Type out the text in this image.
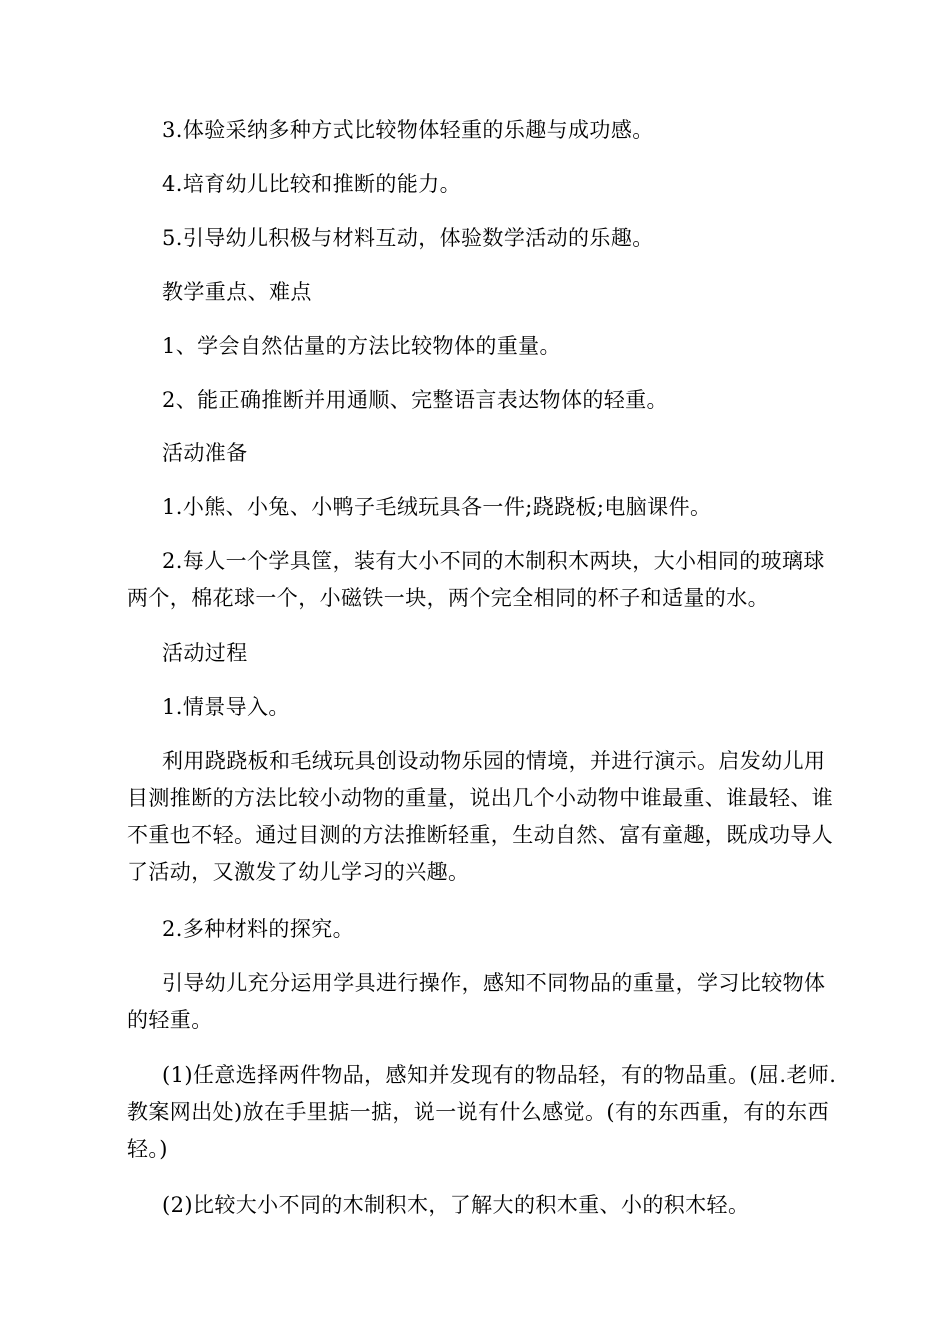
3.体验采纳多种方式比较物体轻重的乐趣与成功感。

4.培育幼儿比较和推断的能力。

5.引导幼儿积极与材料互动，体验数学活动的乐趣。

教学重点、难点

1、学会自然估量的方法比较物体的重量。

2、能正确推断并用通顺、完整语言表达物体的轻重。

活动准备

1.小熊、小兔、小鸭子毛绒玩具各一件;跷跷板;电脑课件。

2.每人一个学具筐，装有大小不同的木制积木两块，大小相同的玻璃球两个，棉花球一个，小磁铁一块，两个完全相同的杯子和适量的水。

活动过程

1.情景导入。

利用跷跷板和毛绒玩具创设动物乐园的情境，并进行演示。启发幼儿用目测推断的方法比较小动物的重量，说出几个小动物中谁最重、谁最轻、谁不重也不轻。通过目测的方法推断轻重，生动自然、富有童趣，既成功导人了活动，又激发了幼儿学习的兴趣。

2.多种材料的探究。

引导幼儿充分运用学具进行操作，感知不同物品的重量，学习比较物体的轻重。

(1)任意选择两件物品，感知并发现有的物品轻，有的物品重。(屈.老师.教案网出处)放在手里掂一掂，说一说有什么感觉。(有的东西重，有的东西轻。)

(2)比较大小不同的木制积木，了解大的积木重、小的积木轻。
